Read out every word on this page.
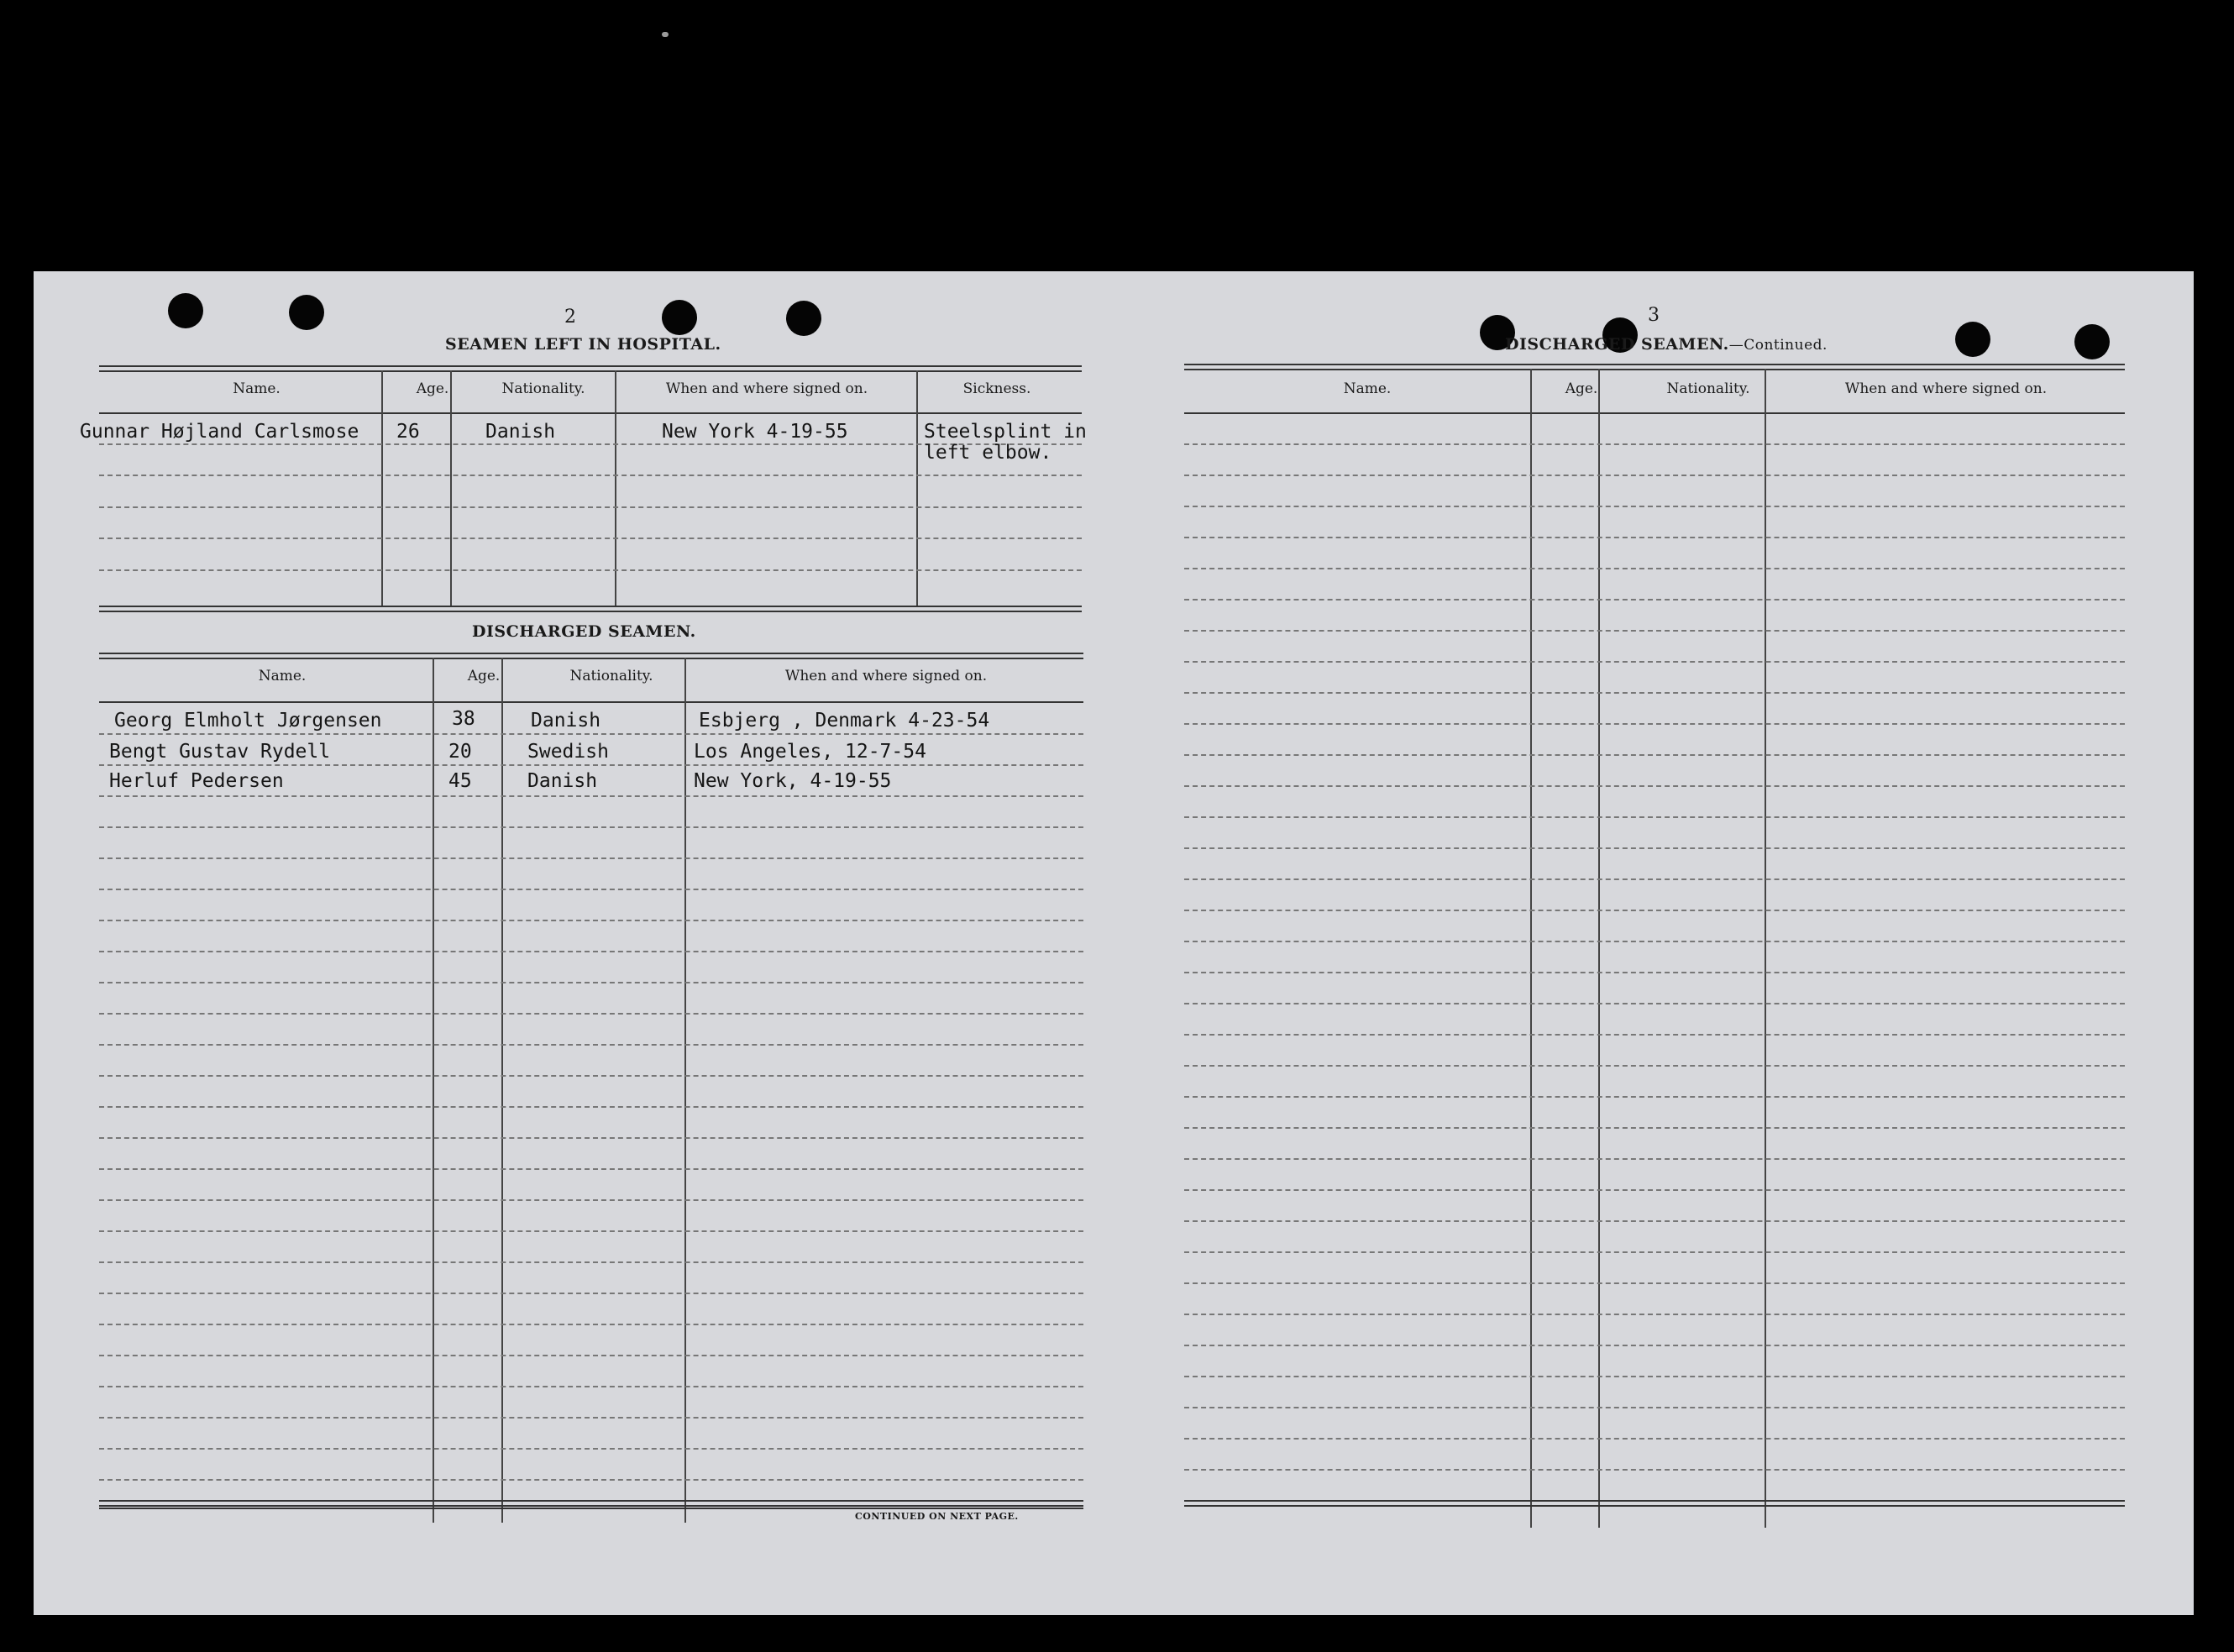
2
SEAMEN LEFT IN HOSPITAL.
Name.	Age.	Nationality.	When and where signed on.	Sickness.
Gunnar Højland Carlsmose 26	Danish	New York 4-19-55	Steelsplint in
left elbow.
DISCHARGED SEAMEN.
Name.	Age.	Nationality.	When and where signed on.
Georg Elmholt Jørgensen	38	Danish	Esbjerg , Denmark 4-23-54
Bengt Gustav Rydell	20	Swedish	Los Angeles, 12-7-54
Herluf Pedersen	45	Danish	New York, 4-19-55
CONTINUED ON NEXT PAGE.
3
DISCHARGED SEAMEN.—Continued.
Name.	Age.	Nationality.	When and where signed on.
